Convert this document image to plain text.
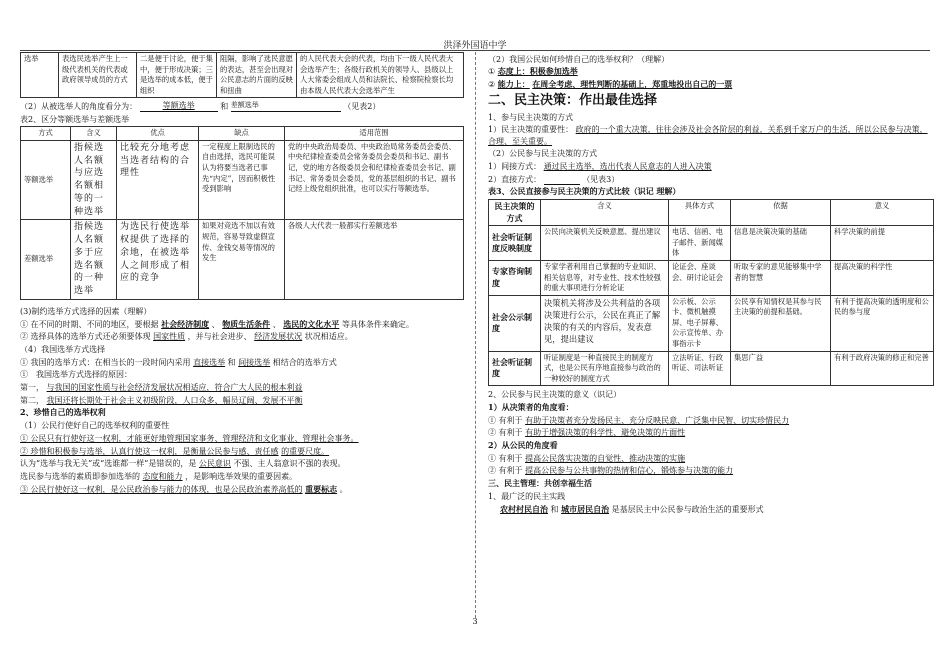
洪泽外国语中学
选举	表选民选举产生上一级代表机关的代表或政府领导成员的方式	二是便于讨论，便于集中，便于形成决策；三是选举的成本低，便于组织	阻隔，影响了选民意愿的表达，甚至会出现对公民意志的片面的反映和扭曲	的人民代表大会的代表，均由下一级人民代表大会选举产生；各级行政机关的领导人、县级以上人大常委会组成人员和法院长、检察院检察长均由本级人民代表大会选举产生
（2）从被选举人的角度看分为：	等额选举	和 差额选举	（见表2）
表2、区分等额选举与差额选举
方式	含义	优点	缺点	适用范围
等额选举	指候选人名额与应选名额相等的一种选举	比较充分地考虑当选者结构的合理性	一定程度上限制选民的自由选择，选民可能误认为将要当选者已事先“内定”，因而积极性受到影响	党的中央政治局委员、中央政治局常务委员会委员、中央纪律检查委员会常务委员会委员和书记、副书记，党的地方各级委员会和纪律检查委员会书记、副书记、常务委员会委员，党的基层组织的书记、副书记经上级党组织批准，也可以实行等额选举。
差额选举	指候选人名额多于应选名额的一种选举	为选民行使选举权提供了选择的余地，在被选举人之间形成了相应的竞争	如果对竞选不加以有效规范，容易导致虚假宣传、金钱交易等情况的发生	各级人大代表一般都实行差额选举
(3)制约选举方式选择的因素（理解）
① 在不同的时期、不同的地区，要根据 社会经济制度 、 物质生活条件 、 选民的文化水平 等具体条件来确定。
② 选择具体的选举方式还必须要体现 国家性质 ，并与社会进步、 经济发展状况 状况相适应。
（4）我国选举方式选择
① 我国的选举方式：在相当长的一段时间内采用 直接选举 和 间接选举 相结合的选举方式
①　我国选举方式选择的原因：
第一， 与我国的国家性质与社会经济发展状况相适应，符合广大人民的根本利益
第二， 我国还将长期处于社会主义初级阶段，人口众多、幅员辽阔、发展不平衡
2、珍惜自己的选举权利
（1）公民行使好自己的选举权利的重要性
① 公民只有行使好这一权利，才能更好地管理国家事务、管理经济和文化事业、管理社会事务。
② 珍惜和积极参与选举，认真行使这一权利，是衡量公民参与感、责任感 的重要尺度。
认为“选举与我无关”或“选谁都一样”是错误的，是 公民意识 不强、主人翁意识不强的表现。
选民参与选举的素质即参加选举的 态度和能力 ，是影响选举效果的重要因素。
③ 公民行使好这一权利，是公民政治参与能力的体现，也是公民政治素养高低的 重要标志 。
（2）我国公民如何珍惜自己的选举权利？（理解）
① 态度上：积极参加选举
② 能力上： 在周全考虑、理性判断的基础上，郑重地投出自己的一票
二、民主决策：作出最佳选择
1、参与民主决策的方式
1）民主决策的重要性： 政府的一个重大决策，往往会涉及社会各阶层的利益，关系到千家万户的生活，所以公民参与决策，合理、至关重要。
（2）公民参与民主决策的方式
1）间接方式： 通过民主选举，选出代表人民意志的人进入决策
2）直接方式：	（见表3）
表3、公民直接参与民主决策的方式比较（识记 理解）
民主决策的方式	含义	具体方式	依据	意义
社会听证制度反映制度	公民向决策机关反映意愿、提出建议	电话、信函、电子邮件、新闻媒体	信息是决策决策的基础	科学决策的前提
专家咨询制度	专家学者利用自己掌握的专业知识、相关信息等，对专业性、技术性较强的重大事项进行分析论证	论证会、座谈会、研讨论证会	听取专家的意见能够集中学者的智慧	提高决策的科学性
社会公示制度	决策机关将涉及公共利益的各项决策进行公示，公民在真正了解决策的有关的内容后，发表意见，提出建议	公示板、公示卡、微机触摸屏、电子屏幕、公示宣传单、办事指示卡	公民享有知情权是其参与民主决策的前提和基础。	有利于提高决策的透明度和公民的参与度
社会听证制度	听证制度是一种直接民主的制度方式，也是公民有序地直接参与政治的一种较好的制度方式	立法听证、行政听证、司法听证	集思广益	有利于政府决策的修正和完善
2、公民参与民主决策的意义（识记）
1）从决策者的角度看：
① 有利于 有助于决策者充分发扬民主、充分反映民意、广泛集中民智、切实珍惜民力
② 有利于 有助于增强决策的科学性、避免决策的片面性
2）从公民的角度看
① 有利于 提高公民落实决策的自觉性、推动决策的实施
② 有利于 提高公民参与公共事物的热情和信心，锻炼参与决策的能力
三、民主管理：共创幸福生活
1、最广泛的民主实践
农村村民自治 和 城市居民自治 是基层民主中公民参与政治生活的重要形式
3
